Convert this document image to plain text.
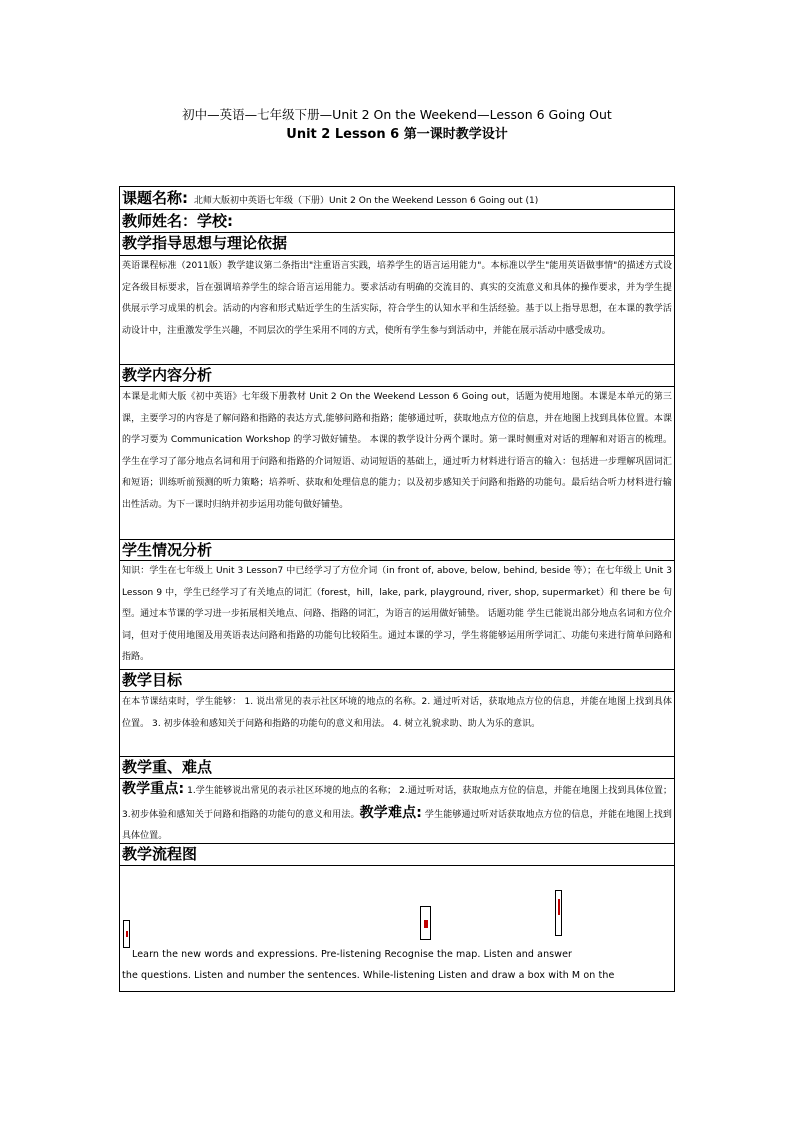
初中—英语—七年级下册—Unit 2 On the Weekend—Lesson 6 Going Out
Unit 2 Lesson 6 第一课时教学设计
课题名称: 北师大版初中英语七年级（下册）Unit 2 On the Weekend Lesson 6 Going out (1)
教师姓名：学校:
教学指导思想与理论依据
英语课程标准（2011版）教学建议第二条指出"注重语言实践，培养学生的语言运用能力"。本标准以学生"能用英语做事情"的描述方式设定各级目标要求，旨在强调培养学生的综合语言运用能力。要求活动有明确的交流目的、真实的交流意义和具体的操作要求，并为学生提供展示学习成果的机会。活动的内容和形式贴近学生的生活实际，符合学生的认知水平和生活经验。基于以上指导思想，在本课的教学活动设计中，注重激发学生兴趣，不同层次的学生采用不同的方式，使所有学生参与到活动中，并能在展示活动中感受成功。
教学内容分析
本课是北师大版《初中英语》七年级下册教材 Unit 2 On the Weekend Lesson 6 Going out，话题为使用地图。本课是本单元的第三课，主要学习的内容是了解问路和指路的表达方式,能够问路和指路；能够通过听，获取地点方位的信息，并在地图上找到具体位置。本课的学习要为 Communication Workshop 的学习做好铺垫。 本课的教学设计分两个课时。第一课时侧重对对话的理解和对语言的梳理。学生在学习了部分地点名词和用于问路和指路的介词短语、动词短语的基础上，通过听力材料进行语言的输入：包括进一步理解巩固词汇和短语；训练听前预测的听力策略；培养听、获取和处理信息的能力；以及初步感知关于问路和指路的功能句。最后结合听力材料进行输出性活动。为下一课时归纳并初步运用功能句做好铺垫。
学生情况分析
知识：学生在七年级上 Unit 3 Lesson7 中已经学习了方位介词（in front of, above, below, behind, beside 等）；在七年级上 Unit 3 Lesson 9 中，学生已经学习了有关地点的词汇（forest，hill，lake, park, playground, river, shop, supermarket）和 there be 句型。通过本节课的学习进一步拓展相关地点、问路、指路的词汇，为语言的运用做好铺垫。 话题功能 学生已能说出部分地点名词和方位介词，但对于使用地图及用英语表达问路和指路的功能句比较陌生。通过本课的学习，学生将能够运用所学词汇、功能句来进行简单问路和指路。
教学目标
在本节课结束时，学生能够： 1. 说出常见的表示社区环境的地点的名称。2. 通过听对话，获取地点方位的信息，并能在地图上找到具体位置。 3. 初步体验和感知关于问路和指路的功能句的意义和用法。 4. 树立礼貌求助、助人为乐的意识。
教学重、难点
教学重点: 1.学生能够说出常见的表示社区环境的地点的名称； 2.通过听对话，获取地点方位的信息，并能在地图上找到具体位置； 3.初步体验和感知关于问路和指路的功能句的意义和用法。教学难点: 学生能够通过听对话获取地点方位的信息，并能在地图上找到具体位置。
教学流程图
Learn the new words and expressions. Pre-listening Recognise the map. Listen and answer
the questions. Listen and number the sentences. While-listening Listen and draw a box with M on the
